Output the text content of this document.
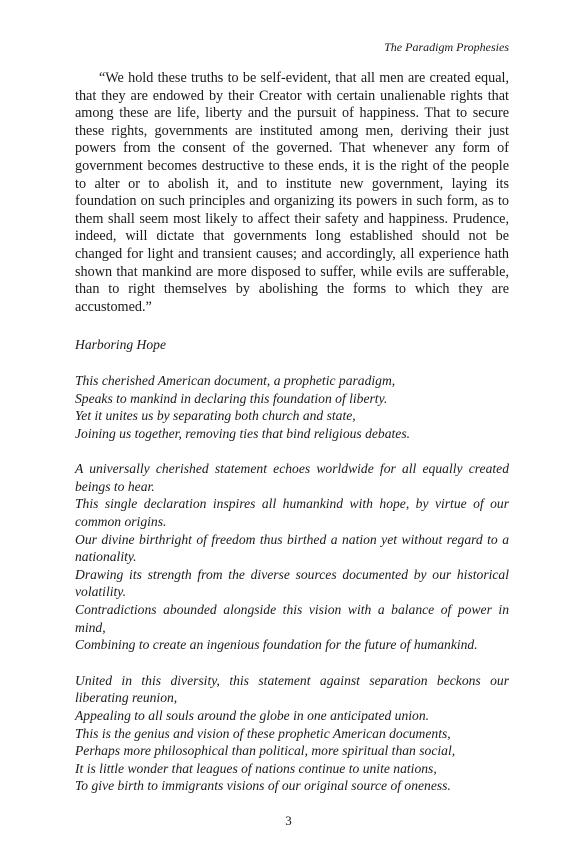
The Paradigm Prophesies

“We hold these truths to be self-evident, that all men are created equal, that they are endowed by their Creator with certain unalienable rights that among these are life, liberty and the pursuit of happiness. That to secure these rights, governments are instituted among men, deriving their just powers from the consent of the governed. That whenever any form of government becomes destructive to these ends, it is the right of the people to alter or to abolish it, and to institute new government, laying its foundation on such principles and organizing its powers in such form, as to them shall seem most likely to affect their safety and happiness. Prudence, indeed, will dictate that governments long established should not be changed for light and transient causes; and accordingly, all experience hath shown that mankind are more disposed to suffer, while evils are sufferable, than to right themselves by abolishing the forms to which they are accustomed.”

Harboring Hope
This cherished American document, a prophetic paradigm,
Speaks to mankind in declaring this foundation of liberty.
Yet it unites us by separating both church and state,
Joining us together, removing ties that bind religious debates.
A universally cherished statement echoes worldwide for all equally created beings to hear.
This single declaration inspires all humankind with hope, by virtue of our common origins.
Our divine birthright of freedom thus birthed a nation yet without regard to a nationality.
Drawing its strength from the diverse sources documented by our historical volatility.
Contradictions abounded alongside this vision with a balance of power in mind,
Combining to create an ingenious foundation for the future of humankind.
United in this diversity, this statement against separation beckons our liberating reunion,
Appealing to all souls around the globe in one anticipated union.
This is the genius and vision of these prophetic American documents,
Perhaps more philosophical than political, more spiritual than social,
It is little wonder that leagues of nations continue to unite nations,
To give birth to immigrants visions of our original source of oneness.
3
